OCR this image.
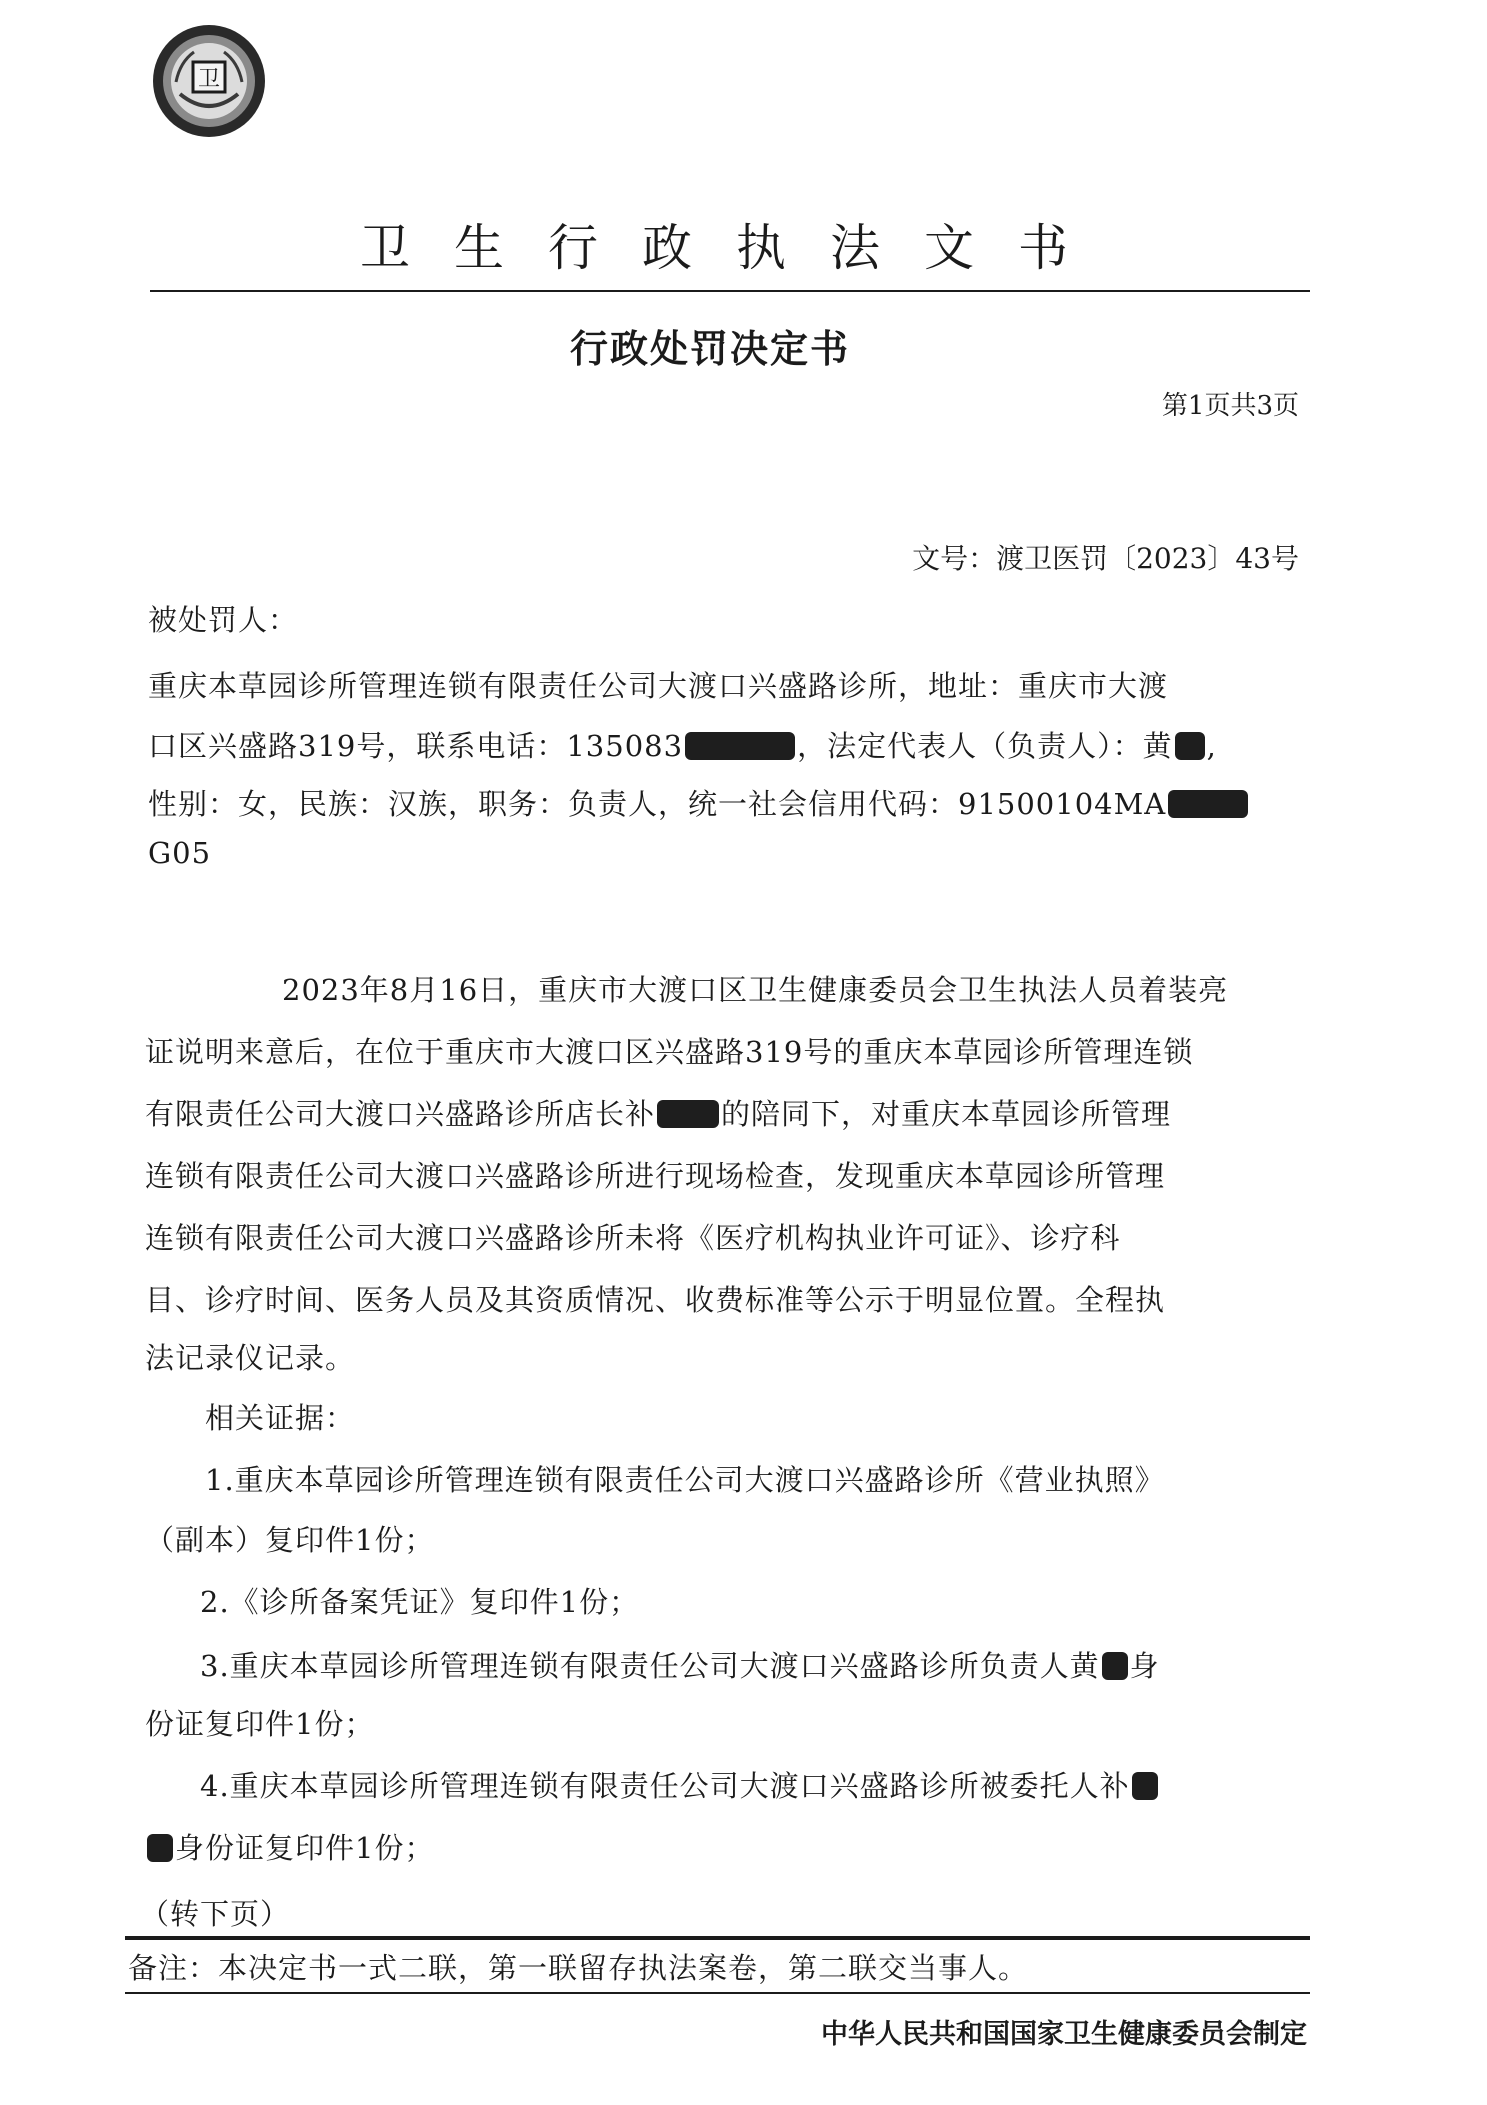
卫
卫生行政执法文书
行政处罚决定书
第1页共3页
文号：渡卫医罚〔2023〕43号
被处罚人：
重庆本草园诊所管理连锁有限责任公司大渡口兴盛路诊所，地址：重庆市大渡
口区兴盛路319号，联系电话：135083	，法定代表人（负责人）：黄 ,
性别：女，民族：汉族，职务：负责人，统一社会信用代码：91500104MA
G05
2023年8月16日，重庆市大渡口区卫生健康委员会卫生执法人员着装亮
证说明来意后，在位于重庆市大渡口区兴盛路319号的重庆本草园诊所管理连锁
有限责任公司大渡口兴盛路诊所店长补 的陪同下，对重庆本草园诊所管理
连锁有限责任公司大渡口兴盛路诊所进行现场检查，发现重庆本草园诊所管理
连锁有限责任公司大渡口兴盛路诊所未将《医疗机构执业许可证》、诊疗科
目、诊疗时间、医务人员及其资质情况、收费标准等公示于明显位置。全程执
法记录仪记录。
相关证据：
1.重庆本草园诊所管理连锁有限责任公司大渡口兴盛路诊所《营业执照》
（副本）复印件1份；
2.《诊所备案凭证》复印件1份；
3.重庆本草园诊所管理连锁有限责任公司大渡口兴盛路诊所负责人黄 身
份证复印件1份；
4.重庆本草园诊所管理连锁有限责任公司大渡口兴盛路诊所被委托人补
身份证复印件1份；
（转下页）
备注：本决定书一式二联，第一联留存执法案卷，第二联交当事人。
中华人民共和国国家卫生健康委员会制定
